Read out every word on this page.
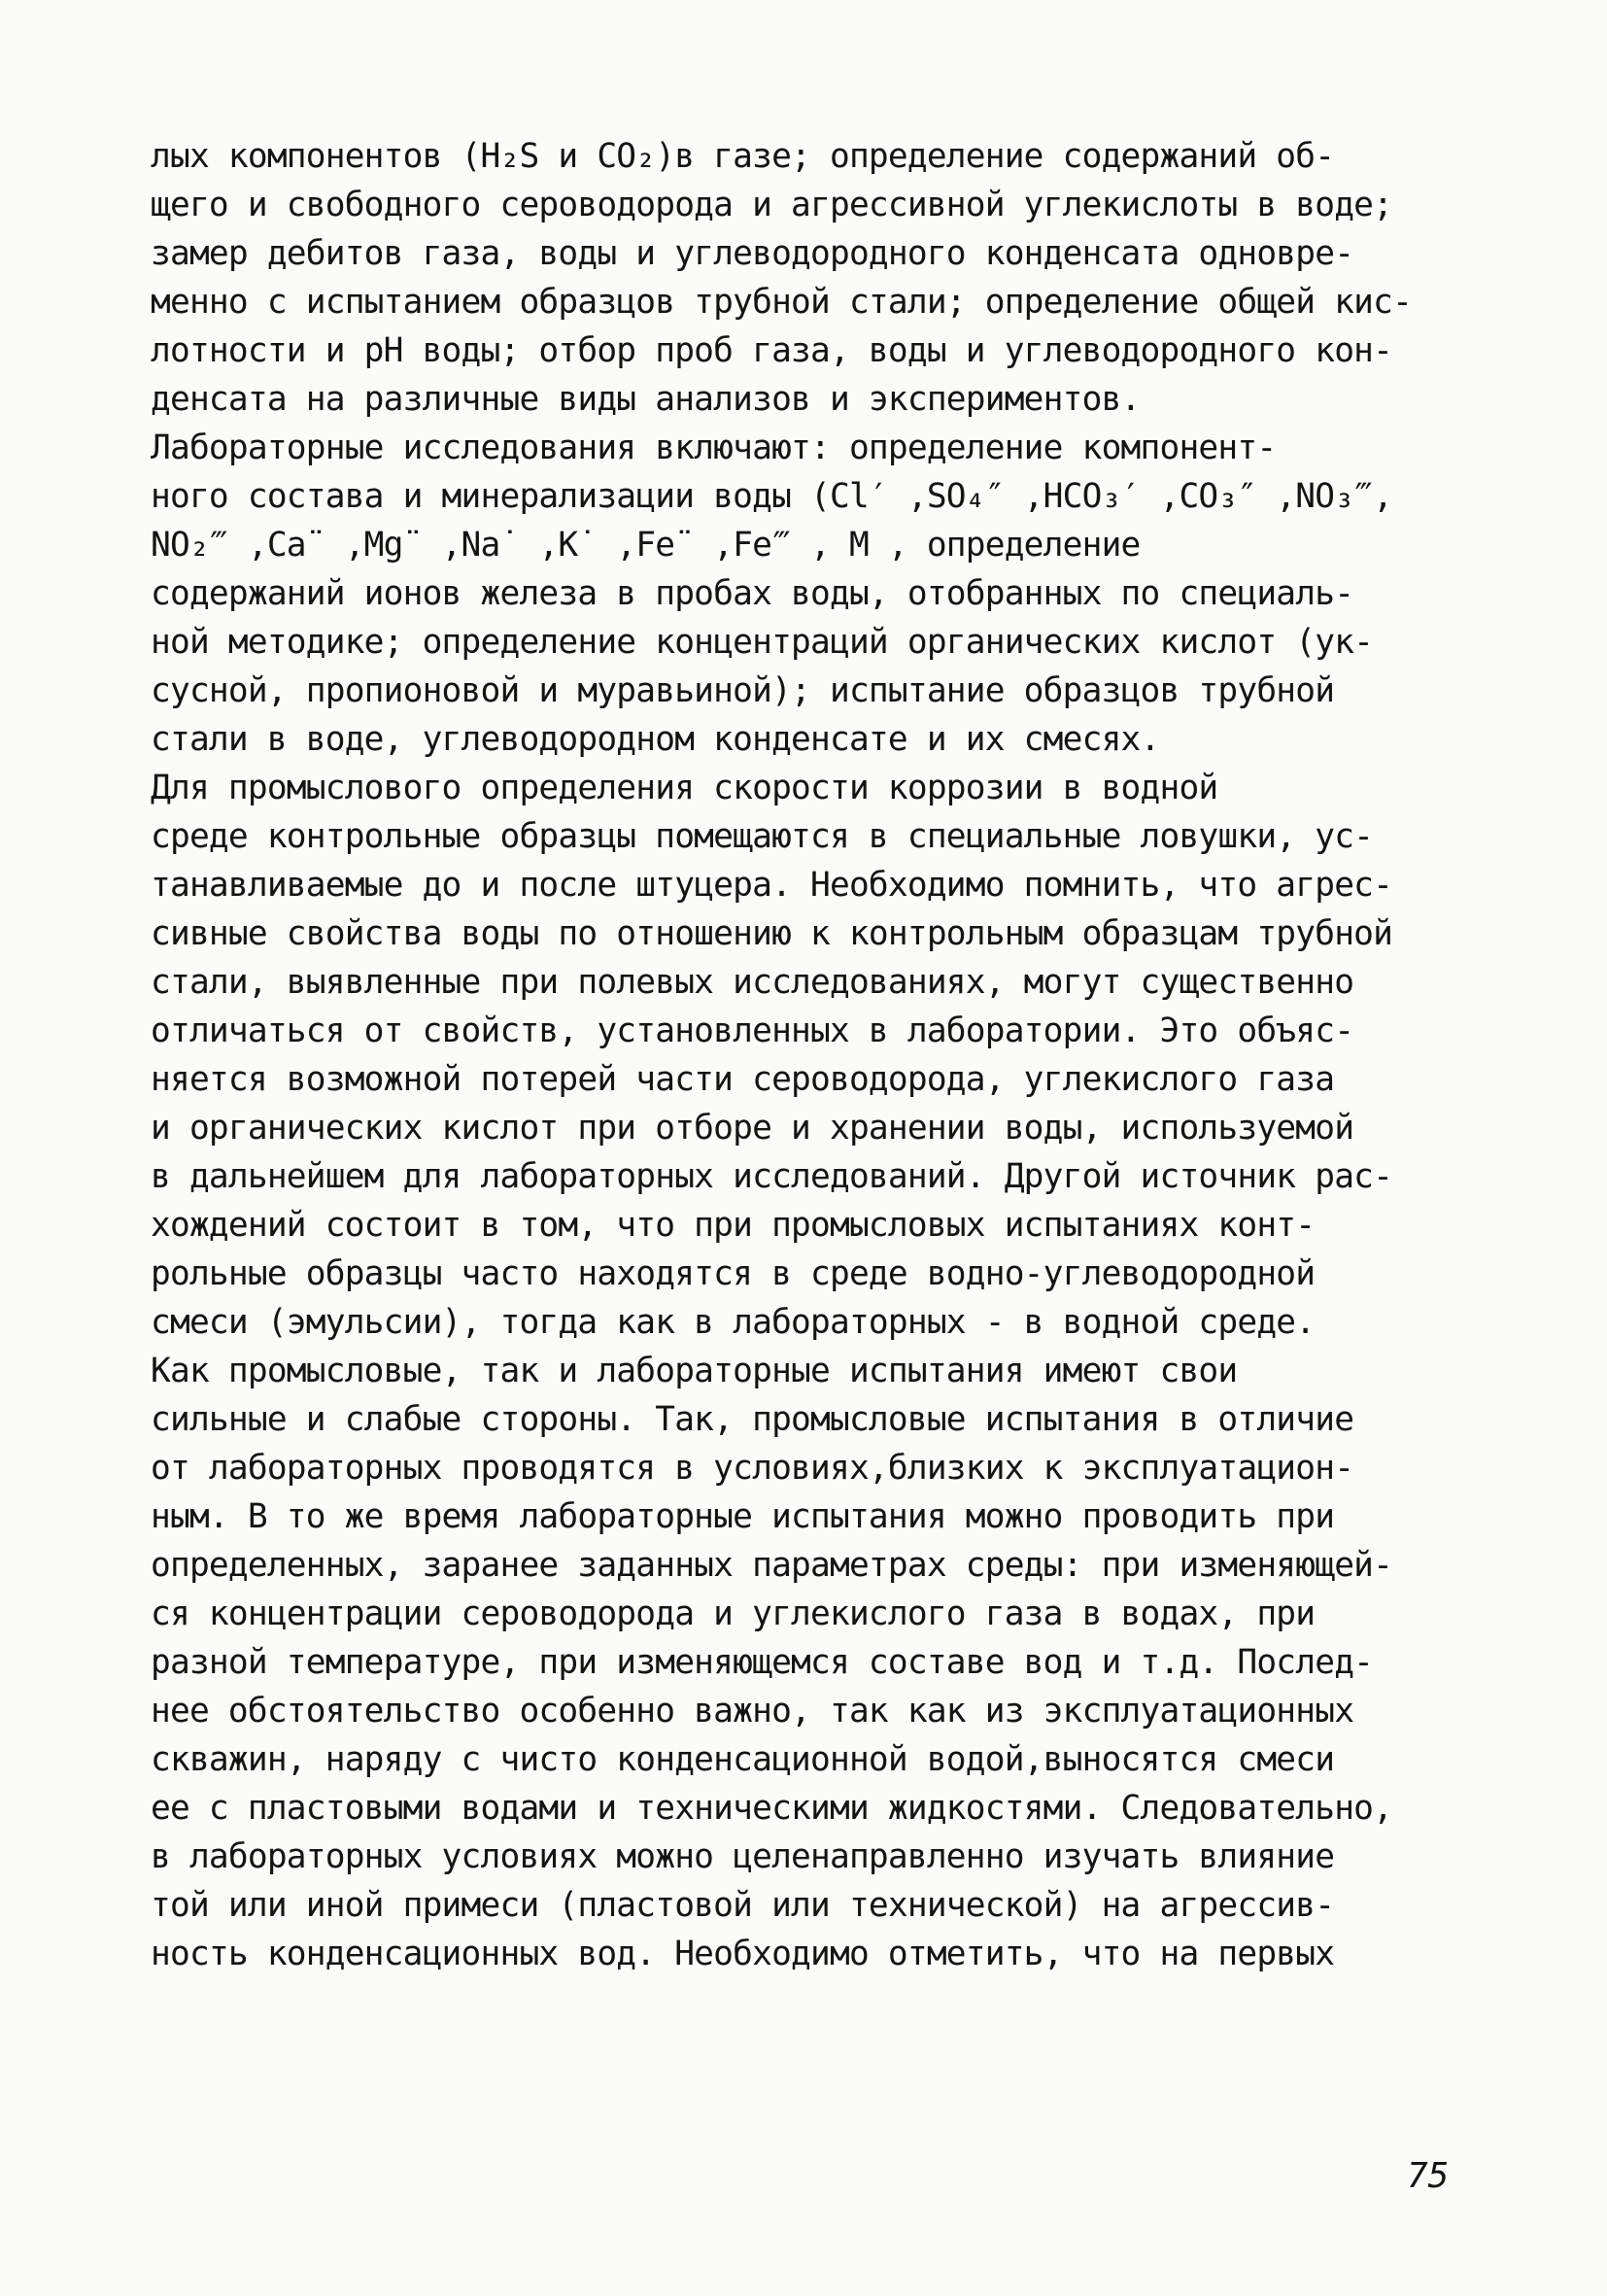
лых компонентов (H₂S и CO₂)в газе; определение содержаний об-
щего и свободного сероводорода и агрессивной углекислоты в воде;
замер дебитов газа, воды и углеводородного конденсата одновре-
менно с испытанием образцов трубной стали; определение общей кис-
лотности и pH воды; отбор проб газа, воды и углеводородного кон-
денсата на различные виды анализов и экспериментов.
Лабораторные исследования включают: определение компонент-
ного состава и минерализации воды (Cl′ ,SO₄″ ,HCO₃′ ,CO₃″ ,NO₃‴,
NO₂‴ ,Ca¨ ,Mg¨ ,Na˙ ,K˙ ,Fe¨ ,Fe‴ , M , определение
содержаний ионов железа в пробах воды, отобранных по специаль-
ной методике; определение концентраций органических кислот (ук-
сусной, пропионовой и муравьиной); испытание образцов трубной
стали в воде, углеводородном конденсате и их смесях.
Для промыслового определения скорости коррозии в водной
среде контрольные образцы помещаются в специальные ловушки, ус-
танавливаемые до и после штуцера. Необходимо помнить, что агрес-
сивные свойства воды по отношению к контрольным образцам трубной
стали, выявленные при полевых исследованиях, могут существенно
отличаться от свойств, установленных в лаборатории. Это объяс-
няется возможной потерей части сероводорода, углекислого газа
и органических кислот при отборе и хранении воды, используемой
в дальнейшем для лабораторных исследований. Другой источник рас-
хождений состоит в том, что при промысловых испытаниях конт-
рольные образцы часто находятся в среде водно-углеводородной
смеси (эмульсии), тогда как в лабораторных - в водной среде.
Как промысловые, так и лабораторные испытания имеют свои
сильные и слабые стороны. Так, промысловые испытания в отличие
от лабораторных проводятся в условиях,близких к эксплуатацион-
ным. В то же время лабораторные испытания можно проводить при
определенных, заранее заданных параметрах среды: при изменяющей-
ся концентрации сероводорода и углекислого газа в водах, при
разной температуре, при изменяющемся составе вод и т.д. Послед-
нее обстоятельство особенно важно, так как из эксплуатационных
скважин, наряду с чисто конденсационной водой,выносятся смеси
ее с пластовыми водами и техническими жидкостями. Следовательно,
в лабораторных условиях можно целенаправленно изучать влияние
той или иной примеси (пластовой или технической) на агрессив-
ность конденсационных вод. Необходимо отметить, что на первых
75
